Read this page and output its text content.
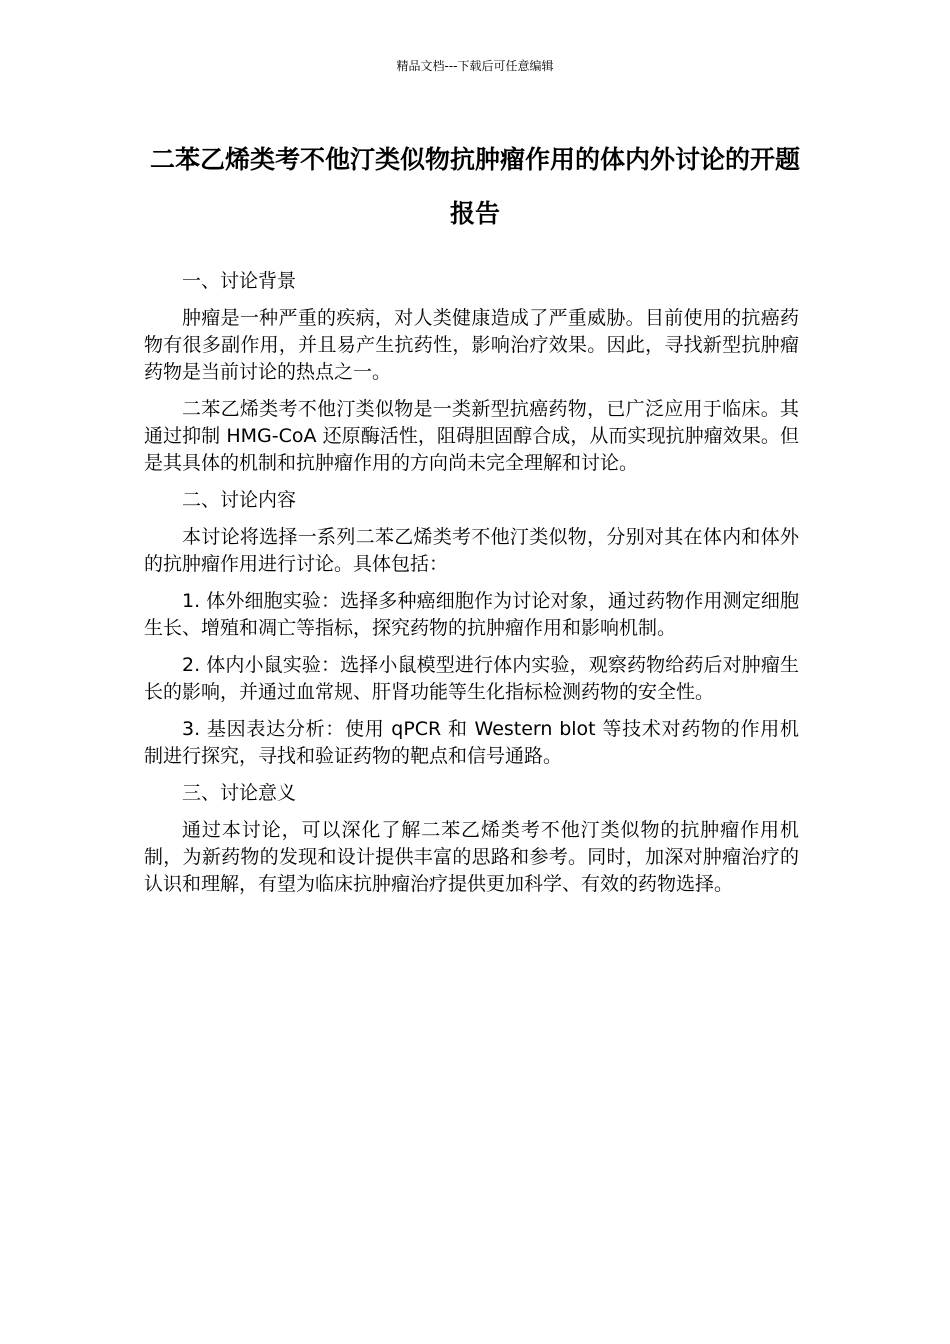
精品文档---下载后可任意编辑
二苯乙烯类考不他汀类似物抗肿瘤作用的体内外讨论的开题报告

一、讨论背景

肿瘤是一种严重的疾病，对人类健康造成了严重威胁。目前使用的抗癌药物有很多副作用，并且易产生抗药性，影响治疗效果。因此，寻找新型抗肿瘤药物是当前讨论的热点之一。

二苯乙烯类考不他汀类似物是一类新型抗癌药物，已广泛应用于临床。其通过抑制 HMG-CoA 还原酶活性，阻碍胆固醇合成，从而实现抗肿瘤效果。但是其具体的机制和抗肿瘤作用的方向尚未完全理解和讨论。

二、讨论内容

本讨论将选择一系列二苯乙烯类考不他汀类似物，分别对其在体内和体外的抗肿瘤作用进行讨论。具体包括：

1. 体外细胞实验：选择多种癌细胞作为讨论对象，通过药物作用测定细胞生长、增殖和凋亡等指标，探究药物的抗肿瘤作用和影响机制。

2. 体内小鼠实验：选择小鼠模型进行体内实验，观察药物给药后对肿瘤生长的影响，并通过血常规、肝肾功能等生化指标检测药物的安全性。

3. 基因表达分析：使用 qPCR 和 Western blot 等技术对药物的作用机制进行探究，寻找和验证药物的靶点和信号通路。

三、讨论意义

通过本讨论，可以深化了解二苯乙烯类考不他汀类似物的抗肿瘤作用机制，为新药物的发现和设计提供丰富的思路和参考。同时，加深对肿瘤治疗的认识和理解，有望为临床抗肿瘤治疗提供更加科学、有效的药物选择。
